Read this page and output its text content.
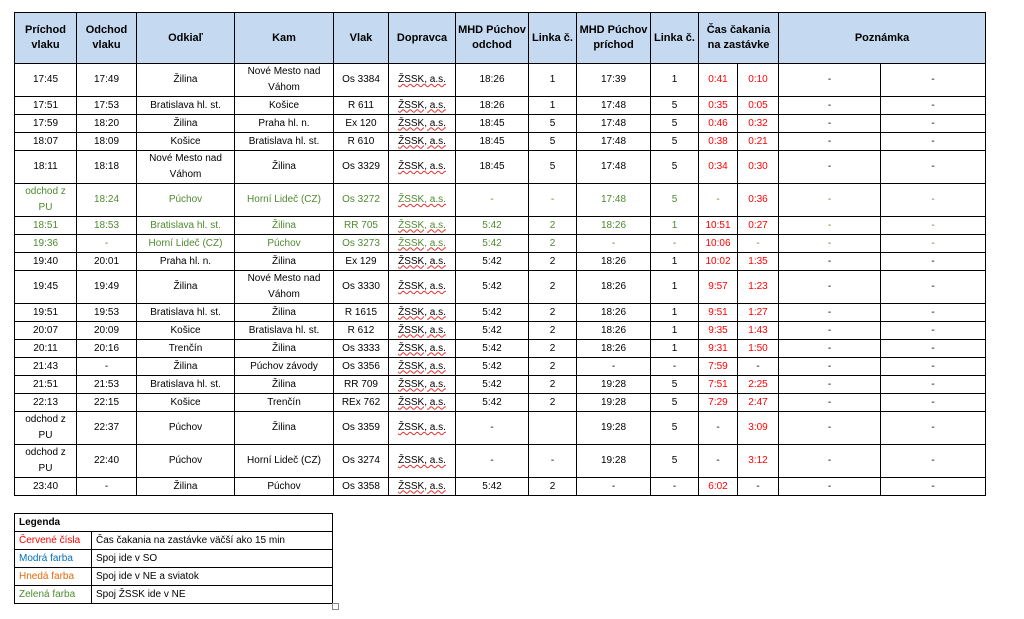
Príchod vlaku	Odchod vlaku	Odkiaľ	Kam	Vlak	Dopravca	MHD Púchov odchod	Linka č.	MHD Púchov príchod	Linka č.	Čas čakania na zastávke		Poznámka	
17:45	17:49	Žilina	Nové Mesto nad Váhom	Os 3384	ŽSSK, a.s.	18:26	1	17:39	1	0:41	0:10	-	-
17:51	17:53	Bratislava hl. st.	Košice	R 611	ŽSSK, a.s.	18:26	1	17:48	5	0:35	0:05	-	-
17:59	18:20	Žilina	Praha hl. n.	Ex 120	ŽSSK, a.s.	18:45	5	17:48	5	0:46	0:32	-	-
18:07	18:09	Košice	Bratislava hl. st.	R 610	ŽSSK, a.s.	18:45	5	17:48	5	0:38	0:21	-	-
18:11	18:18	Nové Mesto nad Váhom	Žilina	Os 3329	ŽSSK, a.s.	18:45	5	17:48	5	0:34	0:30	-	-
odchod z PU	18:24	Púchov	Horní Lideč (CZ)	Os 3272	ŽSSK, a.s.	-	-	17:48	5	-	0:36	-	-
18:51	18:53	Bratislava hl. st.	Žilina	RR 705	ŽSSK, a.s.	5:42	2	18:26	1	10:51	0:27	-	-
19:36	-	Horní Lideč (CZ)	Púchov	Os 3273	ŽSSK, a.s.	5:42	2	-	-	10:06	-	-	-
19:40	20:01	Praha hl. n.	Žilina	Ex 129	ŽSSK, a.s.	5:42	2	18:26	1	10:02	1:35	-	-
19:45	19:49	Žilina	Nové Mesto nad Váhom	Os 3330	ŽSSK, a.s.	5:42	2	18:26	1	9:57	1:23	-	-
19:51	19:53	Bratislava hl. st.	Žilina	R 1615	ŽSSK, a.s.	5:42	2	18:26	1	9:51	1:27	-	-
20:07	20:09	Košice	Bratislava hl. st.	R 612	ŽSSK, a.s.	5:42	2	18:26	1	9:35	1:43	-	-
20:11	20:16	Trenčín	Žilina	Os 3333	ŽSSK, a.s.	5:42	2	18:26	1	9:31	1:50	-	-
21:43	-	Žilina	Púchov závody	Os 3356	ŽSSK, a.s.	5:42	2	-	-	7:59	-	-	-
21:51	21:53	Bratislava hl. st.	Žilina	RR 709	ŽSSK, a.s.	5:42	2	19:28	5	7:51	2:25	-	-
22:13	22:15	Košice	Trenčín	REx 762	ŽSSK, a.s.	5:42	2	19:28	5	7:29	2:47	-	-
odchod z PU	22:37	Púchov	Žilina	Os 3359	ŽSSK, a.s.	-		19:28	5	-	3:09	-	-
odchod z PU	22:40	Púchov	Horní Lideč (CZ)	Os 3274	ŽSSK, a.s.	-	-	19:28	5	-	3:12	-	-
23:40	-	Žilina	Púchov	Os 3358	ŽSSK, a.s.	5:42	2	-	-	6:02	-	-	-
Legenda	
Červené čísla	Čas čakania na zastávke väčší ako 15 min
Modrá farba	Spoj ide v SO
Hnedá farba	Spoj ide v NE a sviatok
Zelená farba	Spoj ŽSSK ide v NE
